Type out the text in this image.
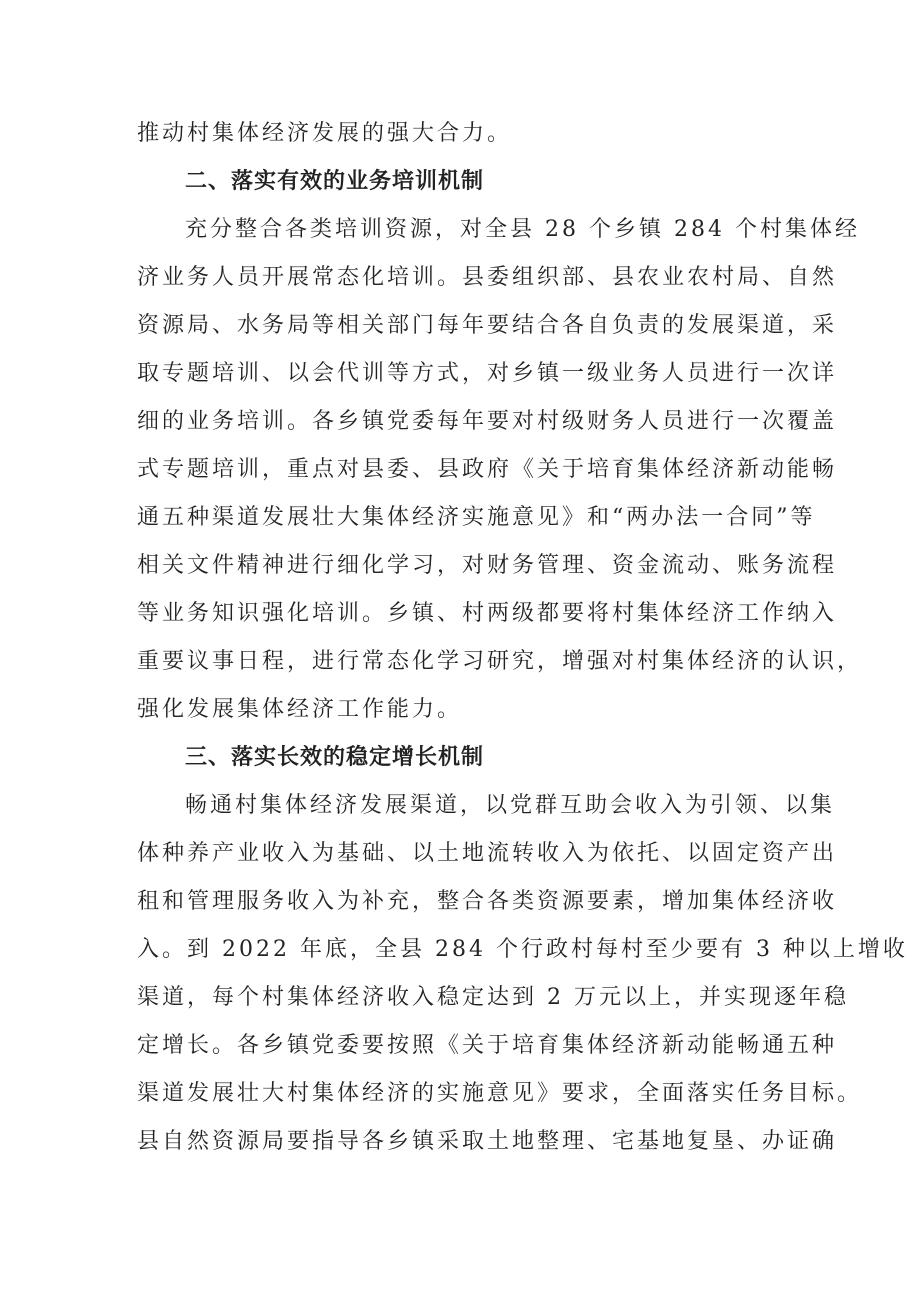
推动村集体经济发展的强大合力。
二、落实有效的业务培训机制
充分整合各类培训资源，对全县 28 个乡镇 284 个村集体经
济业务人员开展常态化培训。县委组织部、县农业农村局、自然
资源局、水务局等相关部门每年要结合各自负责的发展渠道，采
取专题培训、以会代训等方式，对乡镇一级业务人员进行一次详
细的业务培训。各乡镇党委每年要对村级财务人员进行一次覆盖
式专题培训，重点对县委、县政府《关于培育集体经济新动能畅
通五种渠道发展壮大集体经济实施意见》和“两办法一合同”等
相关文件精神进行细化学习，对财务管理、资金流动、账务流程
等业务知识强化培训。乡镇、村两级都要将村集体经济工作纳入
重要议事日程，进行常态化学习研究，增强对村集体经济的认识，
强化发展集体经济工作能力。
三、落实长效的稳定增长机制
畅通村集体经济发展渠道，以党群互助会收入为引领、以集
体种养产业收入为基础、以土地流转收入为依托、以固定资产出
租和管理服务收入为补充，整合各类资源要素，增加集体经济收
入。到 2022 年底，全县 284 个行政村每村至少要有 3 种以上增收
渠道，每个村集体经济收入稳定达到 2 万元以上，并实现逐年稳
定增长。各乡镇党委要按照《关于培育集体经济新动能畅通五种
渠道发展壮大村集体经济的实施意见》要求，全面落实任务目标。
县自然资源局要指导各乡镇采取土地整理、宅基地复垦、办证确
